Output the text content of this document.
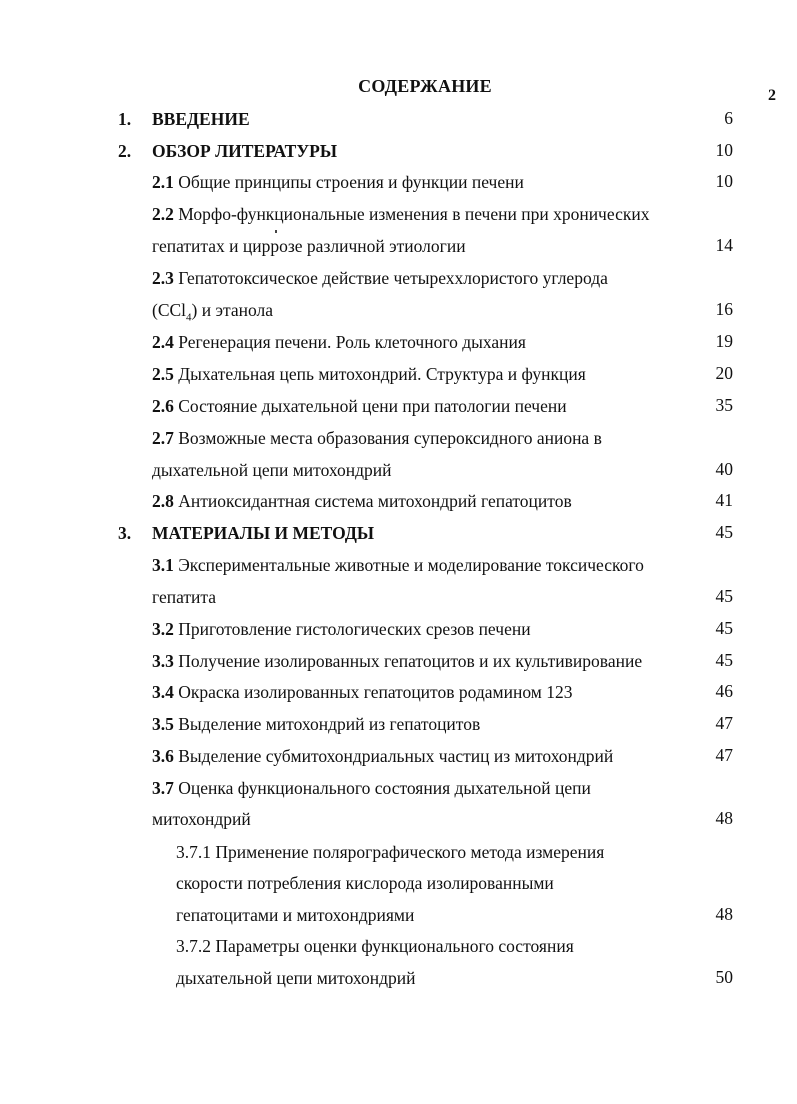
2
СОДЕРЖАНИЕ
1. ВВЕДЕНИЕ	6
2. ОБЗОР ЛИТЕРАТУРЫ	10
2.1 Общие принципы строения и функции печени	10
2.2 Морфо-функциональные изменения в печени при хронических
гепатитах и циррозе различной этиологии	14
2.3 Гепатотоксическое действие четыреххлористого углерода
(CCl$_4$) и этанола	16
2.4 Регенерация печени. Роль клеточного дыхания	19
2.5 Дыхательная цепь митохондрий. Структура и функция	20
2.6 Состояние дыхательной цени при патологии печени	35
2.7 Возможные места образования супероксидного аниона в
дыхательной цепи митохондрий	40
2.8 Антиоксидантная система митохондрий гепатоцитов	41
3. МАТЕРИАЛЫ И МЕТОДЫ	45
3.1 Экспериментальные животные и моделирование токсического
гепатита	45
3.2 Приготовление гистологических срезов печени	45
3.3 Получение изолированных гепатоцитов и их культивирование	45
3.4 Окраска изолированных гепатоцитов родамином 123	46
3.5 Выделение митохондрий из гепатоцитов	47
3.6 Выделение субмитохондриальных частиц из митохондрий	47
3.7 Оценка функционального состояния дыхательной цепи
митохондрий	48
3.7.1 Применение полярографического метода измерения
скорости потребления кислорода изолированными
гепатоцитами и митохондриями	48
3.7.2 Параметры оценки функционального состояния
дыхательной цепи митохондрий	50
